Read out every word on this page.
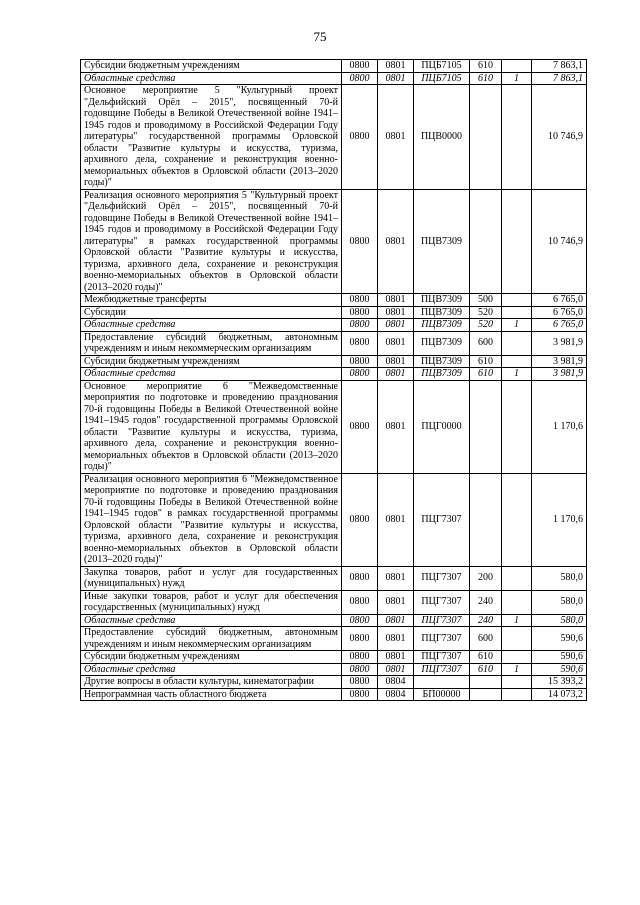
75
Субсидии бюджетным учреждениям	0800	0801	ПЦБ7105	610		7 863,1
Областные средства	0800	0801	ПЦБ7105	610	1	7 863,1
Основное мероприятие 5 "Культурный проект "Дельфийский Орёл – 2015", посвященный 70-й годовщине Победы в Великой Отечественной войне 1941–1945 годов и проводимому в Российской Федерации Году литературы" государственной программы Орловской области "Развитие культуры и искусства, туризма, архивного дела, сохранение и реконструкция военно-мемориальных объектов в Орловской области (2013–2020 годы)"	0800	0801	ПЦВ0000			10 746,9
Реализация основного мероприятия 5 "Культурный проект "Дельфийский Орёл – 2015", посвященный 70-й годовщине Победы в Великой Отечественной войне 1941–1945 годов и проводимому в Российской Федерации Году литературы" в рамках государственной программы Орловской области "Развитие культуры и искусства, туризма, архивного дела, сохранение и реконструкция военно-мемориальных объектов в Орловской области (2013–2020 годы)"	0800	0801	ПЦВ7309			10 746,9
Межбюджетные трансферты	0800	0801	ПЦВ7309	500		6 765,0
Субсидии	0800	0801	ПЦВ7309	520		6 765,0
Областные средства	0800	0801	ПЦВ7309	520	1	6 765,0
Предоставление субсидий бюджетным, автономным учреждениям и иным некоммерческим организациям	0800	0801	ПЦВ7309	600		3 981,9
Субсидии бюджетным учреждениям	0800	0801	ПЦВ7309	610		3 981,9
Областные средства	0800	0801	ПЦВ7309	610	1	3 981,9
Основное мероприятие 6 "Межведомственные мероприятия по подготовке и проведению празднования 70-й годовщины Победы в Великой Отечественной войне 1941–1945 годов" государственной программы Орловской области "Развитие культуры и искусства, туризма, архивного дела, сохранение и реконструкция военно-мемориальных объектов в Орловской области (2013–2020 годы)"	0800	0801	ПЦГ0000			1 170,6
Реализация основного мероприятия 6 "Межведомственное мероприятие по подготовке и проведению празднования 70-й годовщины Победы в Великой Отечественной войне 1941–1945 годов" в рамках государственной программы Орловской области "Развитие культуры и искусства, туризма, архивного дела, сохранение и реконструкция военно-мемориальных объектов в Орловской области (2013–2020 годы)"	0800	0801	ПЦГ7307			1 170,6
Закупка товаров, работ и услуг для государственных (муниципальных) нужд	0800	0801	ПЦГ7307	200		580,0
Иные закупки товаров, работ и услуг для обеспечения государственных (муниципальных) нужд	0800	0801	ПЦГ7307	240		580,0
Областные средства	0800	0801	ПЦГ7307	240	1	580,0
Предоставление субсидий бюджетным, автономным учреждениям и иным некоммерческим организациям	0800	0801	ПЦГ7307	600		590,6
Субсидии бюджетным учреждениям	0800	0801	ПЦГ7307	610		590,6
Областные средства	0800	0801	ПЦГ7307	610	1	590,6
Другие вопросы в области культуры, кинематографии	0800	0804				15 393,2
Непрограммная часть областного бюджета	0800	0804	БП00000			14 073,2
